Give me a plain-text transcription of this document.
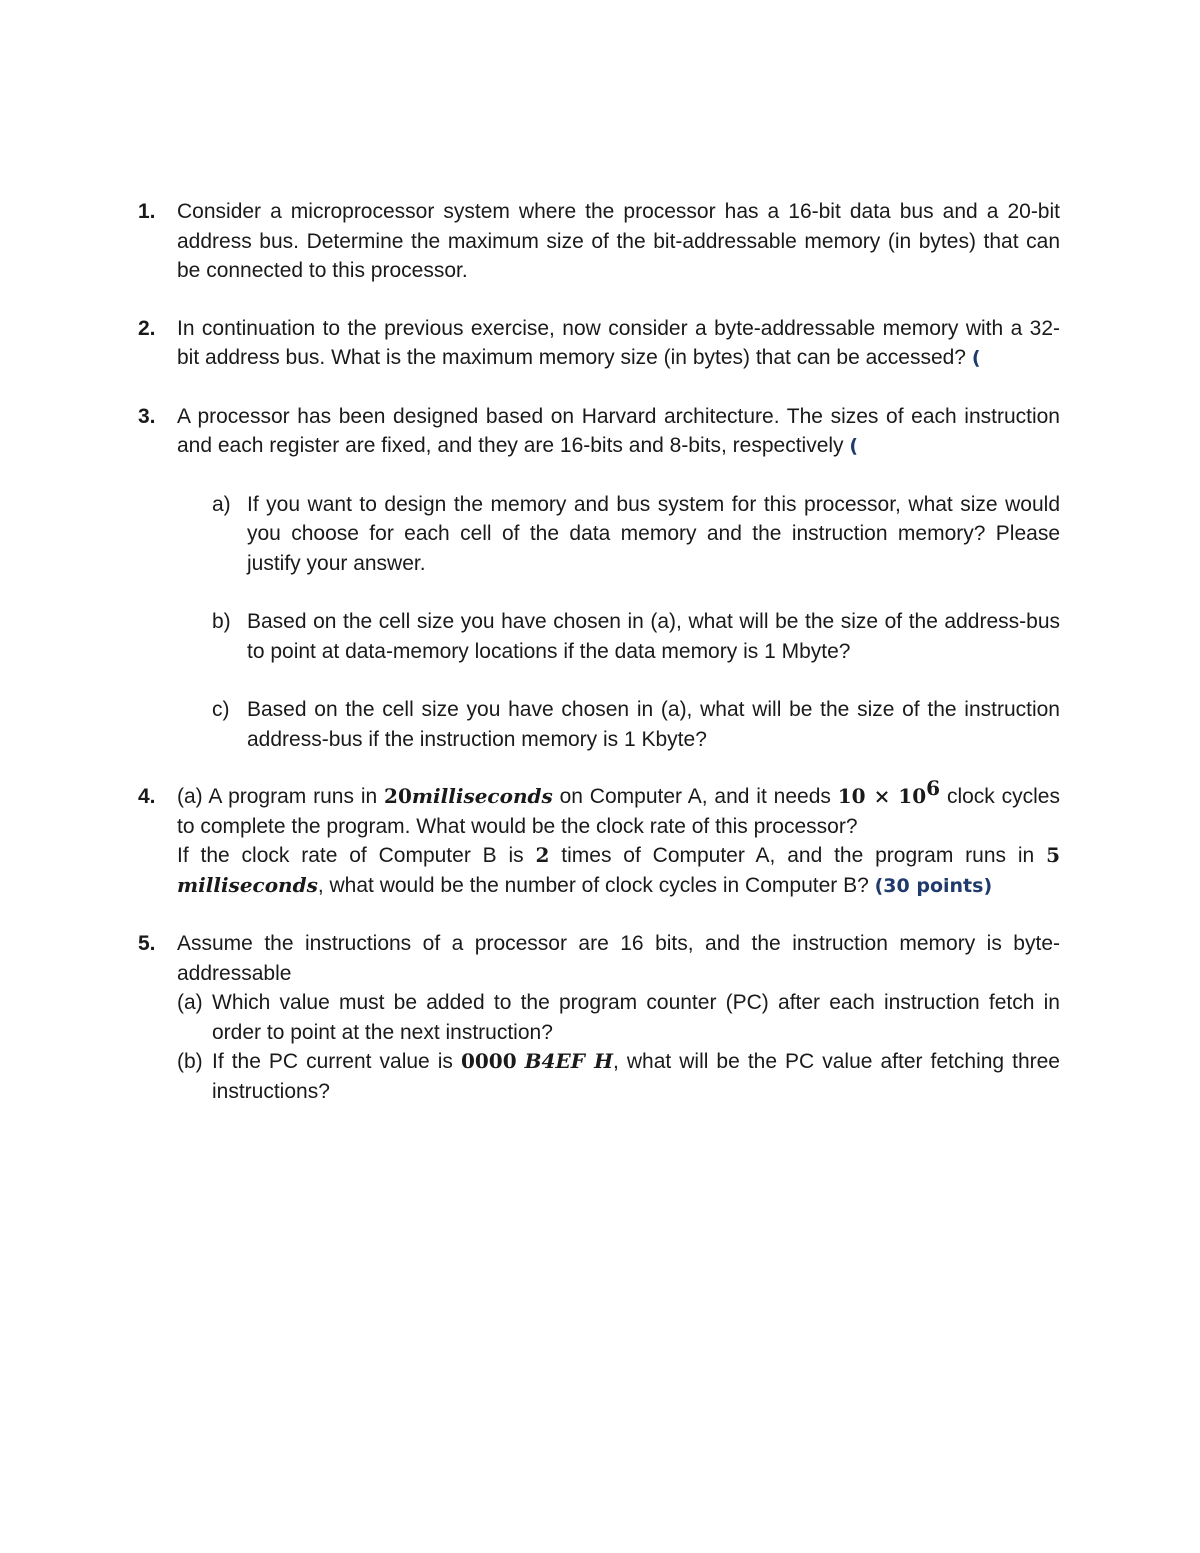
1. Consider a microprocessor system where the processor has a 16-bit data bus and a 20-bit address bus. Determine the maximum size of the bit-addressable memory (in bytes) that can be connected to this processor.
2. In continuation to the previous exercise, now consider a byte-addressable memory with a 32-bit address bus. What is the maximum memory size (in bytes) that can be accessed? (
3. A processor has been designed based on Harvard architecture. The sizes of each instruction and each register are fixed, and they are 16-bits and 8-bits, respectively (
a) If you want to design the memory and bus system for this processor, what size would you choose for each cell of the data memory and the instruction memory? Please justify your answer.
b) Based on the cell size you have chosen in (a), what will be the size of the address-bus to point at data-memory locations if the data memory is 1 Mbyte?
c) Based on the cell size you have chosen in (a), what will be the size of the instruction address-bus if the instruction memory is 1 Kbyte?
4. (a) A program runs in 20milliseconds on Computer A, and it needs $10 \times 10^6$ clock cycles to complete the program. What would be the clock rate of this processor?
If the clock rate of Computer B is 2 times of Computer A, and the program runs in 5 milliseconds, what would be the number of clock cycles in Computer B? (30 points)
5. Assume the instructions of a processor are 16 bits, and the instruction memory is byte-addressable
(a) Which value must be added to the program counter (PC) after each instruction fetch in order to point at the next instruction?
(b) If the PC current value is 0000 B4EF H, what will be the PC value after fetching three instructions?
